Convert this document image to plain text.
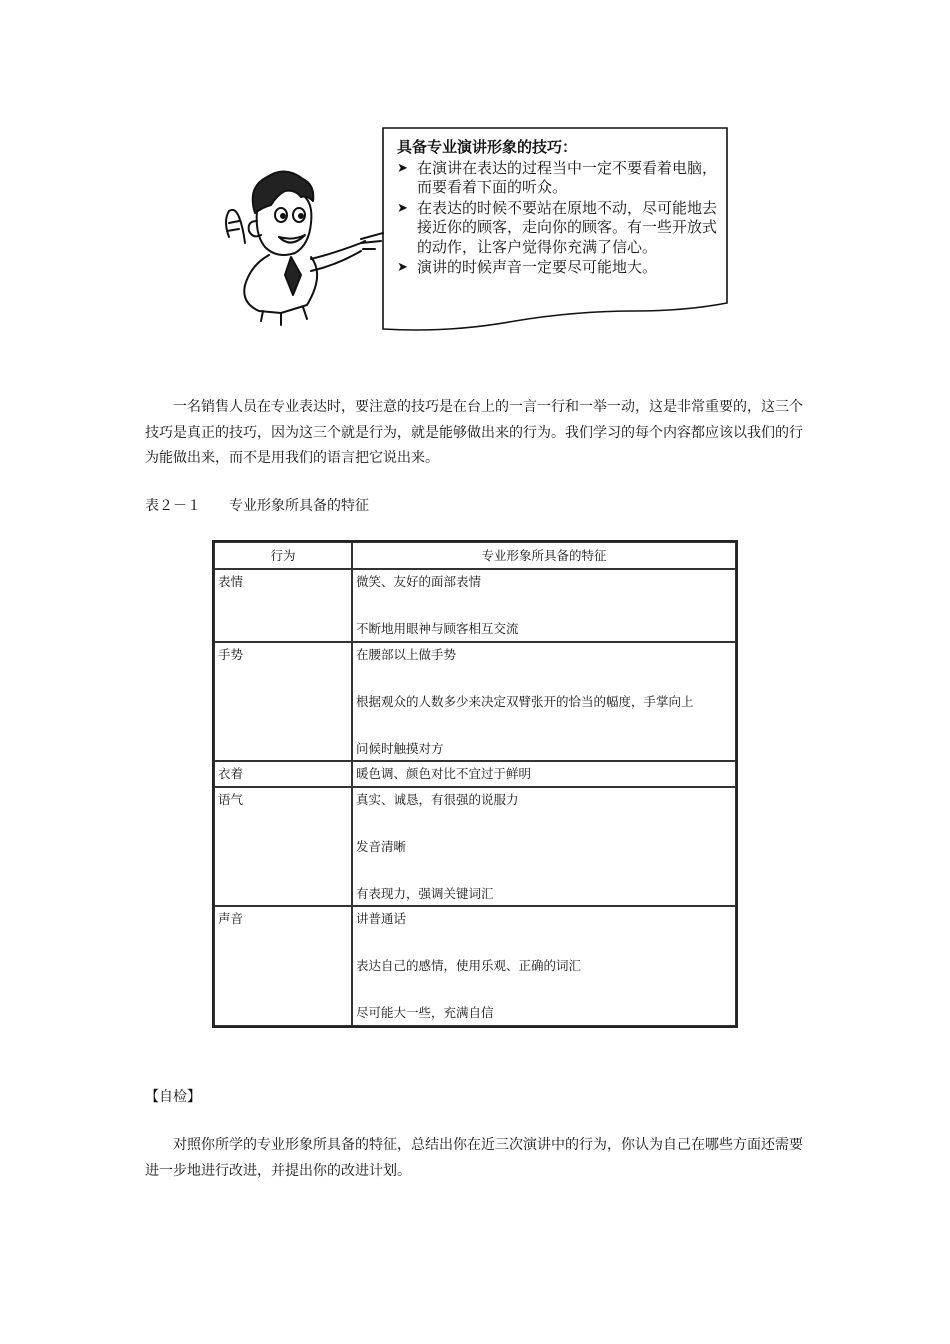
具备专业演讲形象的技巧：
➤ 在演讲在表达的过程当中一定不要看着电脑，而要看着下面的听众。
➤ 在表达的时候不要站在原地不动，尽可能地去接近你的顾客，走向你的顾客。有一些开放式的动作，让客户觉得你充满了信心。
➤ 演讲的时候声音一定要尽可能地大。

一名销售人员在专业表达时，要注意的技巧是在台上的一言一行和一举一动，这是非常重要的，这三个技巧是真正的技巧，因为这三个就是行为，就是能够做出来的行为。我们学习的每个内容都应该以我们的行为能做出来，而不是用我们的语言把它说出来。

表２－１ 专业形象所具备的特征
行为	专业形象所具备的特征

表情	微笑、友好的面部表情
不断地用眼神与顾客相互交流

手势	在腰部以上做手势
根据观众的人数多少来决定双臂张开的恰当的幅度，手掌向上
问候时触摸对方

衣着	暖色调、颜色对比不宜过于鲜明

语气	真实、诚恳，有很强的说服力
发音清晰
有表现力，强调关键词汇

声音	讲普通话
表达自己的感情，使用乐观、正确的词汇
尽可能大一些，充满自信
【自检】

对照你所学的专业形象所具备的特征，总结出你在近三次演讲中的行为，你认为自己在哪些方面还需要进一步地进行改进，并提出你的改进计划。
